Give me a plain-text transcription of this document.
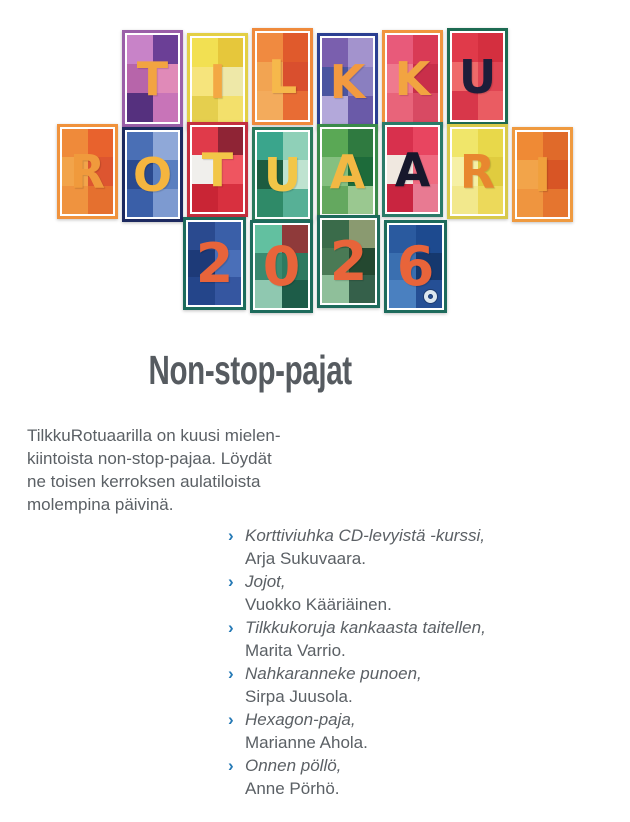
T I L K K U
R O T U A A R I
2 0 2 6
Non-stop-pajat
TilkkuRotuaarilla on kuusi mielen-
kiintoista non-stop-pajaa. Löydät
ne toisen kerroksen aulatiloista
molempina päivinä.
› Korttiviuhka CD-levyistä -kurssi,
Arja Sukuvaara.
› Jojot,
Vuokko Kääriäinen.
› Tilkkukoruja kankaasta taitellen,
Marita Varrio.
› Nahkaranneke punoen,
Sirpa Juusola.
› Hexagon-paja,
Marianne Ahola.
› Onnen pöllö,
Anne Pörhö.
